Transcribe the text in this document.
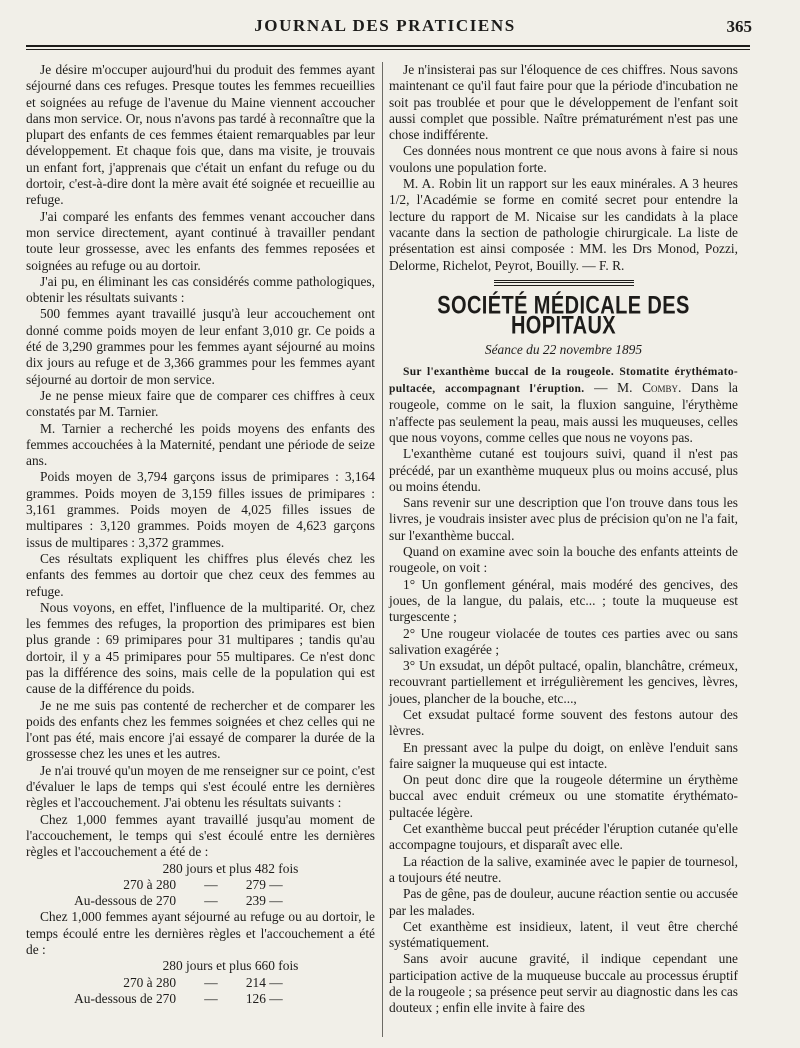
JOURNAL DES PRATICIENS	365

Je désire m'occuper aujourd'hui du produit des femmes ayant séjourné dans ces refuges. Presque toutes les femmes recueillies et soignées au refuge de l'avenue du Maine viennent accoucher dans mon service. Or, nous n'avons pas tardé à reconnaître que la plupart des enfants de ces femmes étaient remarquables par leur développement. Et chaque fois que, dans ma visite, je trouvais un enfant fort, j'apprenais que c'était un enfant du refuge ou du dortoir, c'est-à-dire dont la mère avait été soignée et recueillie au refuge.

J'ai comparé les enfants des femmes venant accoucher dans mon service directement, ayant continué à travailler pendant toute leur grossesse, avec les enfants des femmes reposées et soignées au refuge ou au dortoir.

J'ai pu, en éliminant les cas considérés comme pathologiques, obtenir les résultats suivants :

500 femmes ayant travaillé jusqu'à leur accouchement ont donné comme poids moyen de leur enfant 3,010 gr. Ce poids a été de 3,290 grammes pour les femmes ayant séjourné au moins dix jours au refuge et de 3,366 grammes pour les femmes ayant séjourné au dortoir de mon service.

Je ne pense mieux faire que de comparer ces chiffres à ceux constatés par M. Tarnier.

M. Tarnier a recherché les poids moyens des enfants des femmes accouchées à la Maternité, pendant une période de seize ans.

Poids moyen de 3,794 garçons issus de primipares : 3,164 grammes. Poids moyen de 3,159 filles issues de primipares : 3,161 grammes. Poids moyen de 4,025 filles issues de multipares : 3,120 grammes. Poids moyen de 4,623 garçons issus de multipares : 3,372 grammes.

Ces résultats expliquent les chiffres plus élevés chez les enfants des femmes au dortoir que chez ceux des femmes au refuge.

Nous voyons, en effet, l'influence de la multiparité. Or, chez les femmes des refuges, la proportion des primipares est bien plus grande : 69 primipares pour 31 multipares ; tandis qu'au dortoir, il y a 45 primipares pour 55 multipares. Ce n'est donc pas la différence des soins, mais celle de la population qui est cause de la différence du poids.

Je ne me suis pas contenté de rechercher et de comparer les poids des enfants chez les femmes soignées et chez celles qui ne l'ont pas été, mais encore j'ai essayé de comparer la durée de la grossesse chez les unes et les autres.

Je n'ai trouvé qu'un moyen de me renseigner sur ce point, c'est d'évaluer le laps de temps qui s'est écoulé entre les dernières règles et l'accouchement. J'ai obtenu les résultats suivants :

Chez 1,000 femmes ayant travaillé jusqu'au moment de l'accouchement, le temps qui s'est écoulé entre les dernières règles et l'accouchement a été de :

280 jours et plus 482 fois
270 à 280	—	279 —
Au-dessous de 270	—	239 —

Chez 1,000 femmes ayant séjourné au refuge ou au dortoir, le temps écoulé entre les dernières règles et l'accouchement a été de :

280 jours et plus 660 fois
270 à 280	—	214 —
Au-dessous de 270	—	126 —

Je n'insisterai pas sur l'éloquence de ces chiffres. Nous savons maintenant ce qu'il faut faire pour que la période d'incubation ne soit pas troublée et pour que le développement de l'enfant soit aussi complet que possible. Naître prématurément n'est pas une chose indifférente.

Ces données nous montrent ce que nous avons à faire si nous voulons une population forte.

M. A. Robin lit un rapport sur les eaux minérales. A 3 heures 1/2, l'Académie se forme en comité secret pour entendre la lecture du rapport de M. Nicaise sur les candidats à la place vacante dans la section de pathologie chirurgicale. La liste de présentation est ainsi composée : MM. les Drs Monod, Pozzi, Delorme, Richelot, Peyrot, Bouilly. — F. R.

SOCIÉTÉ MÉDICALE DES HOPITAUX
Séance du 22 novembre 1895

Sur l'exanthème buccal de la rougeole. Stomatite érythémato-pultacée, accompagnant l'éruption. — M. Comby. Dans la rougeole, comme on le sait, la fluxion sanguine, l'érythème n'affecte pas seulement la peau, mais aussi les muqueuses, celles que nous voyons, comme celles que nous ne voyons pas.

L'exanthème cutané est toujours suivi, quand il n'est pas précédé, par un exanthème muqueux plus ou moins accusé, plus ou moins étendu.

Sans revenir sur une description que l'on trouve dans tous les livres, je voudrais insister avec plus de précision qu'on ne l'a fait, sur l'exanthème buccal.

Quand on examine avec soin la bouche des enfants atteints de rougeole, on voit :

1° Un gonflement général, mais modéré des gencives, des joues, de la langue, du palais, etc... ; toute la muqueuse est turgescente ;

2° Une rougeur violacée de toutes ces parties avec ou sans salivation exagérée ;

3° Un exsudat, un dépôt pultacé, opalin, blanchâtre, crémeux, recouvrant partiellement et irrégulièrement les gencives, lèvres, joues, plancher de la bouche, etc...,

Cet exsudat pultacé forme souvent des festons autour des lèvres.

En pressant avec la pulpe du doigt, on enlève l'enduit sans faire saigner la muqueuse qui est intacte.

On peut donc dire que la rougeole détermine un érythème buccal avec enduit crémeux ou une stomatite érythémato-pultacée légère.

Cet exanthème buccal peut précéder l'éruption cutanée qu'elle accompagne toujours, et disparaît avec elle.

La réaction de la salive, examinée avec le papier de tournesol, a toujours été neutre.

Pas de gêne, pas de douleur, aucune réaction sentie ou accusée par les malades.

Cet exanthème est insidieux, latent, il veut être cherché systématiquement.

Sans avoir aucune gravité, il indique cependant une participation active de la muqueuse buccale au processus éruptif de la rougeole ; sa présence peut servir au diagnostic dans les cas douteux ; enfin elle invite à faire des
